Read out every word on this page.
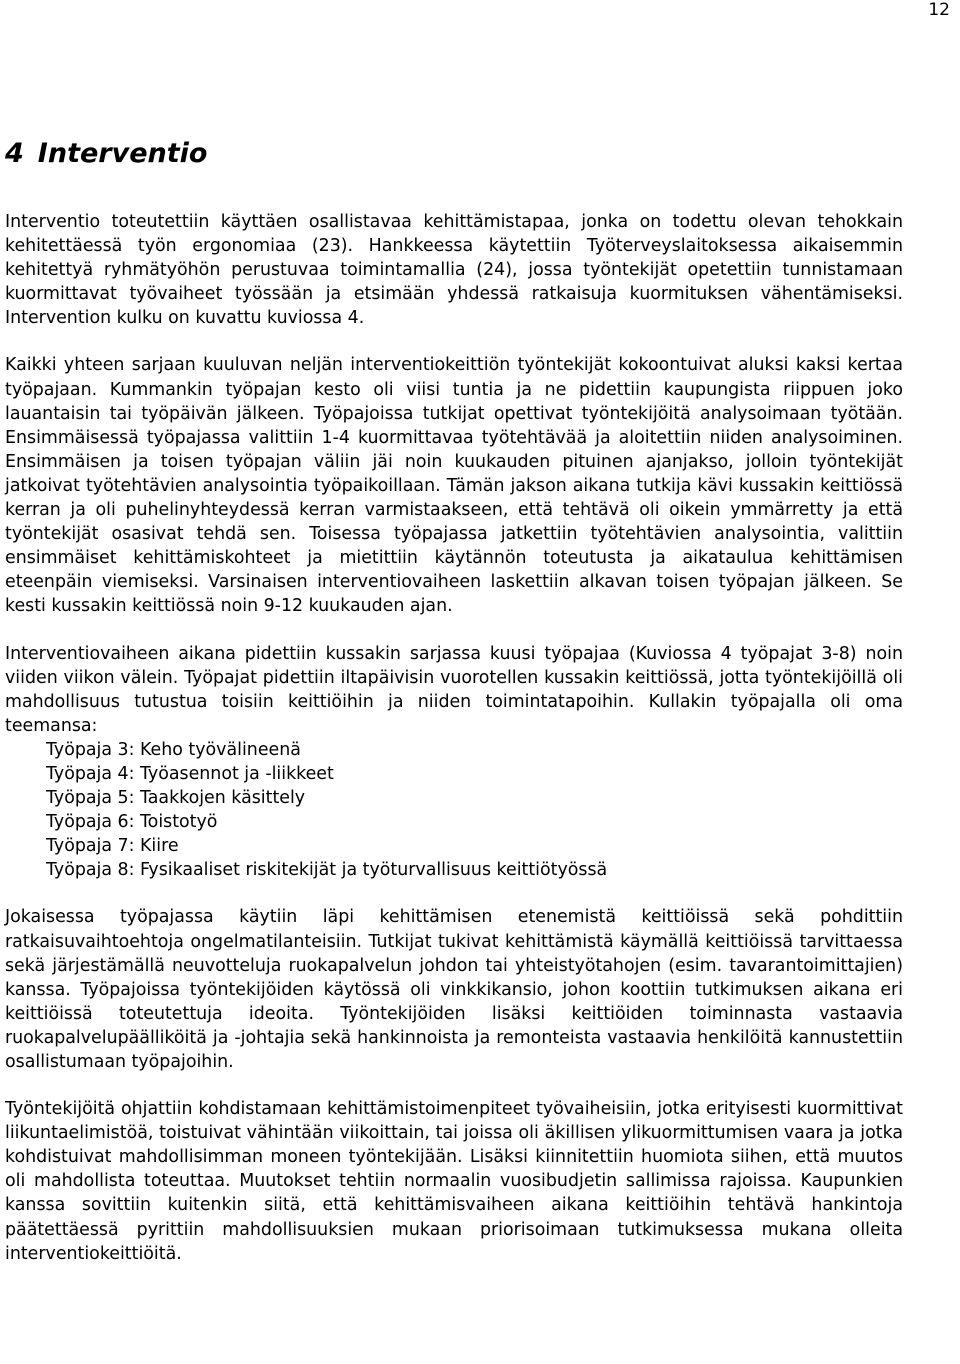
12
4 Interventio

Interventio toteutettiin käyttäen osallistavaa kehittämistapaa, jonka on todettu olevan tehokkain kehitettäessä työn ergonomiaa (23). Hankkeessa käytettiin Työterveyslaitoksessa aikaisemmin kehitettyä ryhmätyöhön perustuvaa toimintamallia (24), jossa työntekijät opetettiin tunnistamaan kuormittavat työvaiheet työssään ja etsimään yhdessä ratkaisuja kuormituksen vähentämiseksi. Intervention kulku on kuvattu kuviossa 4.

Kaikki yhteen sarjaan kuuluvan neljän interventiokeittiön työntekijät kokoontuivat aluksi kaksi kertaa työpajaan. Kummankin työpajan kesto oli viisi tuntia ja ne pidettiin kaupungista riippuen joko lauantaisin tai työpäivän jälkeen. Työpajoissa tutkijat opettivat työntekijöitä analysoimaan työtään. Ensimmäisessä työpajassa valittiin 1-4 kuormittavaa työtehtävää ja aloitettiin niiden analysoiminen. Ensimmäisen ja toisen työpajan väliin jäi noin kuukauden pituinen ajanjakso, jolloin työntekijät jatkoivat työtehtävien analysointia työpaikoillaan. Tämän jakson aikana tutkija kävi kussakin keittiössä kerran ja oli puhelinyhteydessä kerran varmistaakseen, että tehtävä oli oikein ymmärretty ja että työntekijät osasivat tehdä sen. Toisessa työpajassa jatkettiin työtehtävien analysointia, valittiin ensimmäiset kehittämiskohteet ja mietittiin käytännön toteutusta ja aikataulua kehittämisen eteenpäin viemiseksi. Varsinaisen interventiovaiheen laskettiin alkavan toisen työpajan jälkeen. Se kesti kussakin keittiössä noin 9-12 kuukauden ajan.

Interventiovaiheen aikana pidettiin kussakin sarjassa kuusi työpajaa (Kuviossa 4 työpajat 3-8) noin viiden viikon välein. Työpajat pidettiin iltapäivisin vuorotellen kussakin keittiössä, jotta työntekijöillä oli mahdollisuus tutustua toisiin keittiöihin ja niiden toimintatapoihin. Kullakin työpajalla oli oma teemansa:

Työpaja 3: Keho työvälineenä
Työpaja 4: Työasennot ja -liikkeet
Työpaja 5: Taakkojen käsittely
Työpaja 6: Toistotyö
Työpaja 7: Kiire
Työpaja 8: Fysikaaliset riskitekijät ja työturvallisuus keittiötyössä

Jokaisessa työpajassa käytiin läpi kehittämisen etenemistä keittiöissä sekä pohdittiin ratkaisuvaihtoehtoja ongelmatilanteisiin. Tutkijat tukivat kehittämistä käymällä keittiöissä tarvittaessa sekä järjestämällä neuvotteluja ruokapalvelun johdon tai yhteistyötahojen (esim. tavarantoimittajien) kanssa. Työpajoissa työntekijöiden käytössä oli vinkkikansio, johon koottiin tutkimuksen aikana eri keittiöissä toteutettuja ideoita. Työntekijöiden lisäksi keittiöiden toiminnasta vastaavia ruokapalvelupäälliköitä ja -johtajia sekä hankinnoista ja remonteista vastaavia henkilöitä kannustettiin osallistumaan työpajoihin.

Työntekijöitä ohjattiin kohdistamaan kehittämistoimenpiteet työvaiheisiin, jotka erityisesti kuormittivat liikuntaelimistöä, toistuivat vähintään viikoittain, tai joissa oli äkillisen ylikuormittumisen vaara ja jotka kohdistuivat mahdollisimman moneen työntekijään. Lisäksi kiinnitettiin huomiota siihen, että muutos oli mahdollista toteuttaa. Muutokset tehtiin normaalin vuosibudjetin sallimissa rajoissa. Kaupunkien kanssa sovittiin kuitenkin siitä, että kehittämisvaiheen aikana keittiöihin tehtävä hankintoja päätettäessä pyrittiin mahdollisuuksien mukaan priorisoimaan tutkimuksessa mukana olleita interventiokeittiöitä.
